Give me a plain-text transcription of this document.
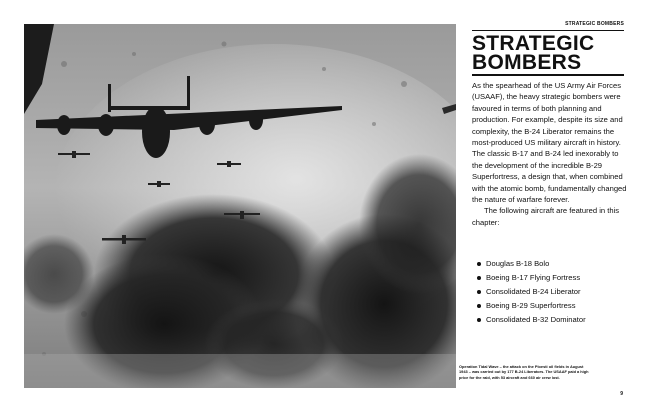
STRATEGIC BOMBERS
STRATEGIC
BOMBERS

As the spearhead of the US Army Air Forces (USAAF), the heavy strategic bombers were favoured in terms of both planning and production. For example, despite its size and complexity, the B-24 Liberator remains the most-produced US military aircraft in history. The classic B-17 and B-24 led inexorably to the development of the incredible B-29 Superfortress, a design that, when combined with the atomic bomb, fundamentally changed the nature of warfare forever.

The following aircraft are featured in this chapter:

Douglas B-18 Bolo
Boeing B-17 Flying Fortress
Consolidated B-24 Liberator
Boeing B-29 Superfortress
Consolidated B-32 Dominator
Operation Tidal Wave – the attack on the Ploesti oil fields in August 1943 – was carried out by 177 B-24 Liberators. The USAAF paid a high price for the raid, with 53 aircraft and 660 air crew lost.
9
